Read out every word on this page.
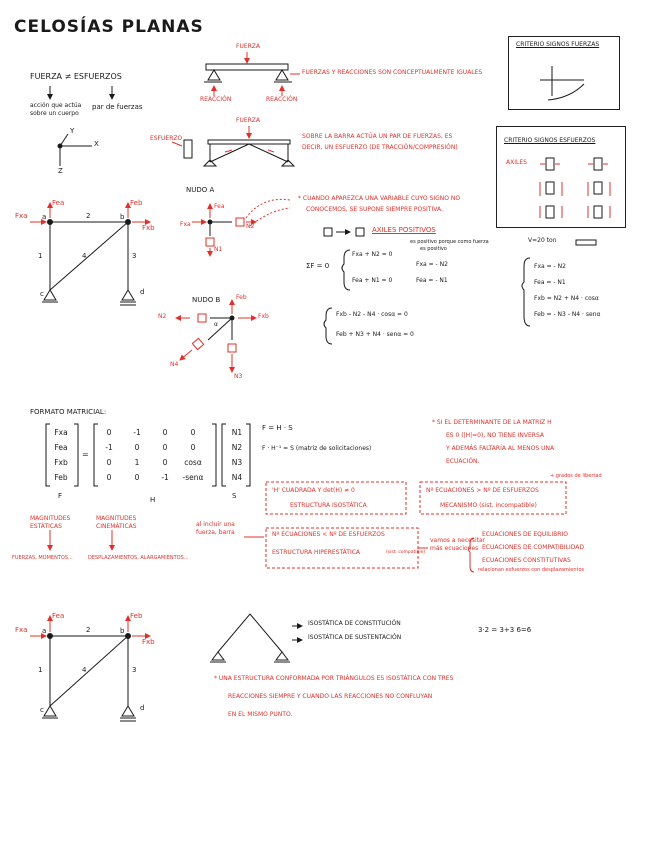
CELOSÍAS PLANAS
FUERZA ≠ ESFUERZOS
acción que actúa
sobre un cuerpo
par de fuerzas
X
Y
Z
Fxa
Fea
Fxb
Feb
a	b
c	d
1
2
3
4
FUERZA
REACCIÓN	REACCIÓN
FUERZAS Y REACCIONES SON CONCEPTUALMENTE IGUALES
ESFUERZO
FUERZA
SOBRE LA BARRA ACTÚA UN PAR DE FUERZAS, ES
DECIR, UN ESFUERZO (DE TRACCIÓN/COMPRESIÓN)
CRITERIO SIGNOS FUERZAS
CRITERIO SIGNOS ESFUERZOS
AXILES
NUDO A
Fxa
Fea
N1
N2
* CUANDO APAREZCA UNA VARIABLE CUYO SIGNO NO
CONOCEMOS, SE SUPONE SIEMPRE POSITIVA.
AXILES POSITIVOS
ΣF = 0
Fxa + N2 = 0
Fea + N1 = 0
Fxa = - N2
Fea = - N1
es positivo porque como fuerza
es positivo
V=20 ton
Fxa = - N2
Fea = - N1
Fxb = N2 + N4 · cosα
Feb = - N3 - N4 · senα
NUDO B
N2	Fxb
Feb
N3
N4
α
Fxb - N2 - N4 · cosα = 0
Feb + N3 + N4 · senα = 0
FORMATO MATRICIAL:
Fxa
Fea
Fxb
Feb
=
0	-1	0	0
-1	0	0	0
0	1	0	cosα
0	0	-1	-senα
N1
N2
N3
N4
F	H	S
F = H · S
F · H⁻¹ = S (matriz de solicitaciones)
* SI EL DETERMINANTE DE LA MATRIZ H
ES 0 (|H|=0), NO TIENE INVERSA
Y ADEMÁS FALTARÍA AL MENOS UNA
ECUACIÓN.
'H' CUADRADA Y det(H) ≠ 0
ESTRUCTURA ISOSTÁTICA
Nº ECUACIONES > Nº DE ESFUERZOS
MECANISMO (sist. incompatible)
+ grados de libertad
Nº ECUACIONES < Nº DE ESFUERZOS
ESTRUCTURA HIPERESTÁTICA	(sist. compatible)
al incluir una
fuerza, barra
vamos a necesitar
más ecuaciones
ECUACIONES DE EQUILIBRIO
ECUACIONES DE COMPATIBILIDAD
ECUACIONES CONSTITUTIVAS
relacionan esfuerzos con desplazamientos
MAGNITUDES
ESTÁTICAS
FUERZAS, MOMENTOS...
MAGNITUDES
CINEMÁTICAS
DESPLAZAMIENTOS, ALARGAMIENTOS...
Fxa
Fea
Fxb
Feb
a	b
c	d
1
2
3
4
ISOSTÁTICA DE CONSTITUCIÓN
ISOSTÁTICA DE SUSTENTACIÓN
3·2 = 3+3 6=6
* UNA ESTRUCTURA CONFORMADA POR TRIÁNGULOS ES ISOSTÁTICA CON TRES
REACCIONES SIEMPRE Y CUANDO LAS REACCIONES NO CONFLUYAN
EN EL MISMO PUNTO.
